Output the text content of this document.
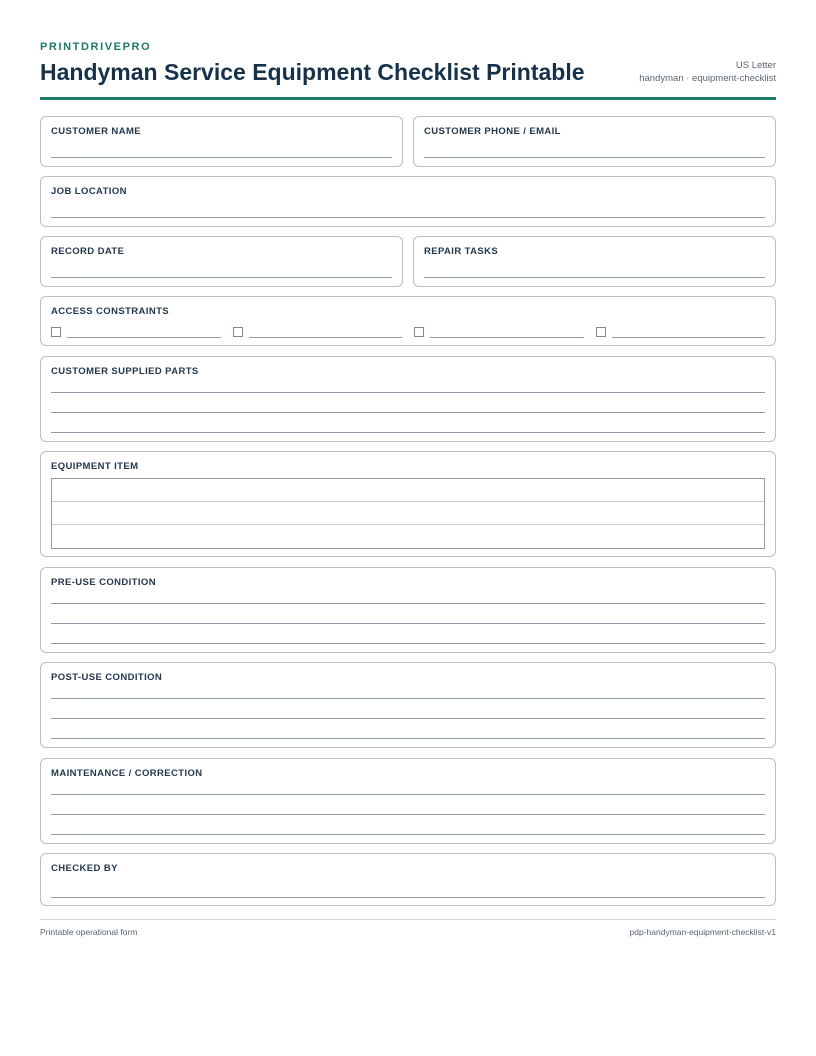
PRINTDRIVEPRO
Handyman Service Equipment Checklist Printable	US Letter
handyman · equipment-checklist
CUSTOMER NAME	CUSTOMER PHONE / EMAIL
JOB LOCATION
RECORD DATE	REPAIR TASKS
ACCESS CONSTRAINTS
CUSTOMER SUPPLIED PARTS
EQUIPMENT ITEM
PRE-USE CONDITION
POST-USE CONDITION
MAINTENANCE / CORRECTION
CHECKED BY
Printable operational form	pdp-handyman-equipment-checklist-v1
